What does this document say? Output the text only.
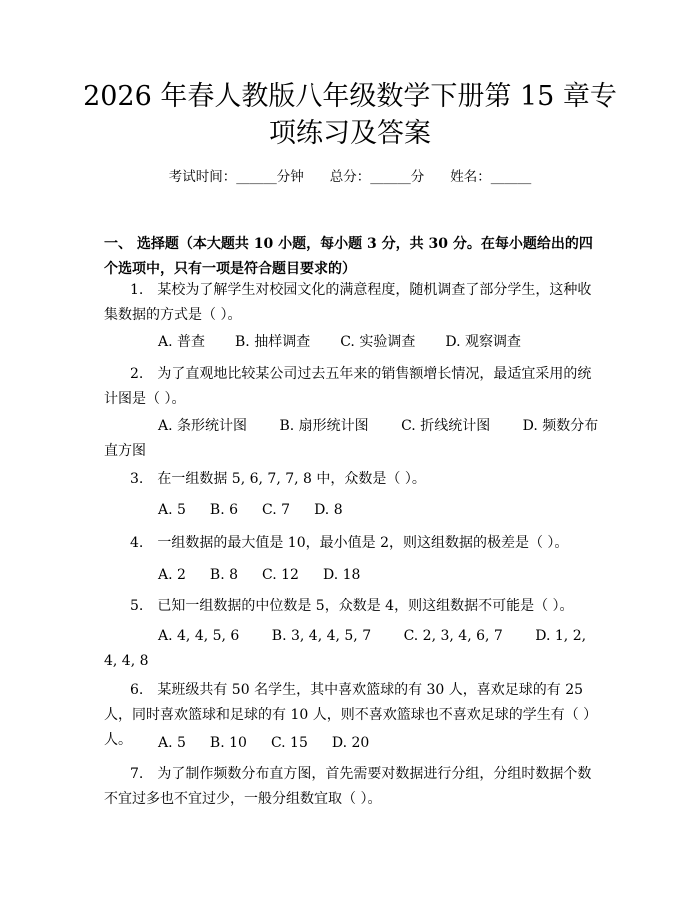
2026 年春人教版八年级数学下册第 15 章专
项练习及答案
考试时间：______分钟 总分：______分 姓名：______
一、 选择题（本大题共 10 小题，每小题 3 分，共 30 分。在每小题给出的四个选项中，只有一项是符合题目要求的）
1.　 某校为了解学生对校园文化的满意程度，随机调查了部分学生，这种收集数据的方式是（ ）。
A. 普查 B. 抽样调查 C. 实验调查 D. 观察调查
2.　 为了直观地比较某公司过去五年来的销售额增长情况，最适宜采用的统计图是（ ）。
A. 条形统计图　　 B. 扇形统计图　　 C. 折线统计图　　 D. 频数分布直方图
3.　 在一组数据 5, 6, 7, 7, 8 中，众数是（ ）。
A. 5 B. 6 C. 7 D. 8
4.　 一组数据的最大值是 10，最小值是 2，则这组数据的极差是（ ）。
A. 2 B. 8 C. 12 D. 18
5.　 已知一组数据的中位数是 5，众数是 4，则这组数据不可能是（ ）。
A. 4, 4, 5, 6　　 B. 3, 4, 4, 5, 7　　 C. 2, 3, 4, 6, 7　　 D. 1, 2, 4, 4, 8
6.　 某班级共有 50 名学生，其中喜欢篮球的有 30 人，喜欢足球的有 25 人，同时喜欢篮球和足球的有 10 人，则不喜欢篮球也不喜欢足球的学生有（ ）人。	A. 5 B. 10 C. 15 D. 20
7.　 为了制作频数分布直方图，首先需要对数据进行分组，分组时数据个数不宜过多也不宜过少，一般分组数宜取（ ）。
